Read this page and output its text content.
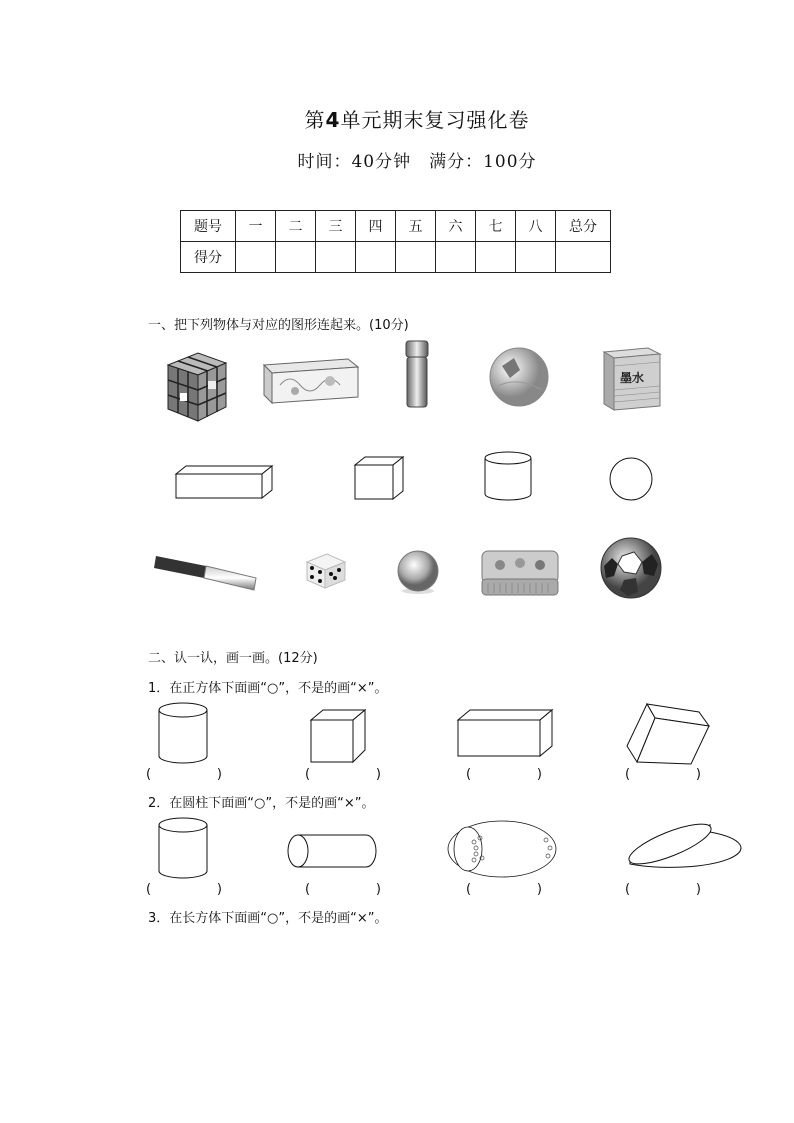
第4单元期末复习强化卷
时间：40分钟　满分：100分
题号	一	二	三	四	五	六	七	八	总分
得分									
一、把下列物体与对应的图形连起来。(10分)
墨水
二、认一认，画一画。(12分)
1．在正方体下面画“○”，不是的画“×”。
(	)	(	)	(	)	(	)
2．在圆柱下面画“○”，不是的画“×”。
(	)	(	)	(	)	(	)
3．在长方体下面画“○”，不是的画“×”。
